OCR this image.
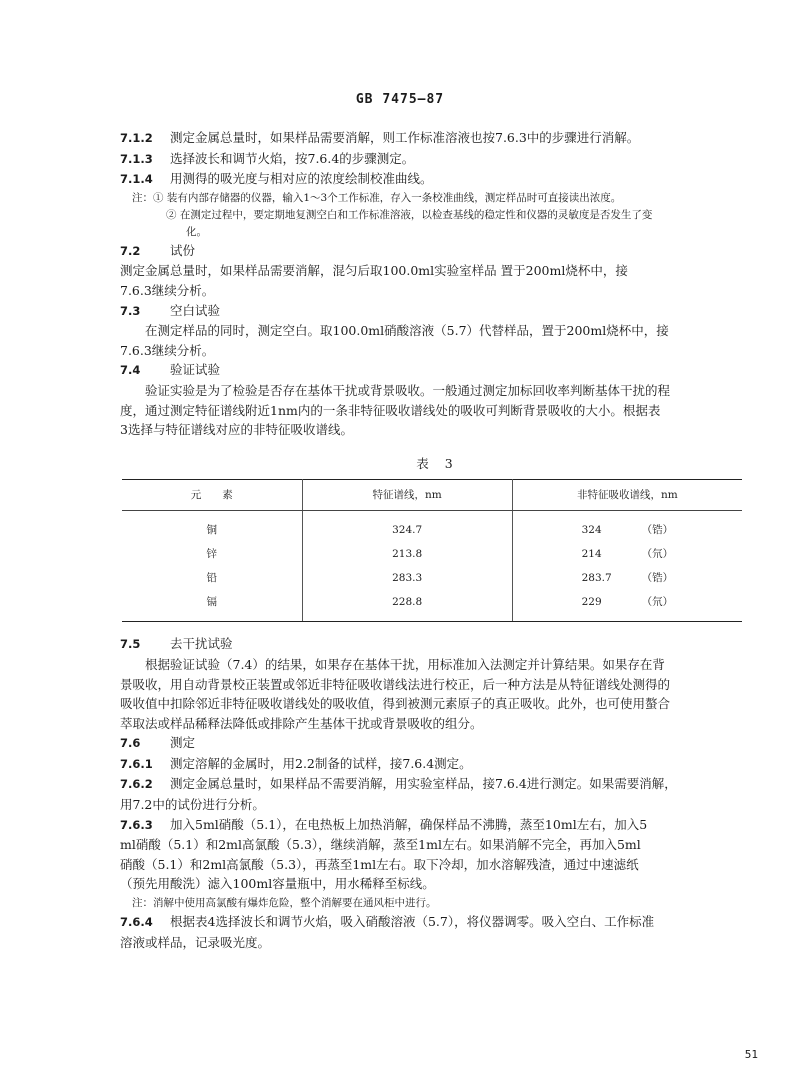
GB 7475—87

7.1.2 测定金属总量时，如果样品需要消解，则工作标准溶液也按7.6.3中的步骤进行消解。

7.1.3 选择波长和调节火焰，按7.6.4的步骤测定。

7.1.4 用测得的吸光度与相对应的浓度绘制校准曲线。

注：① 装有内部存储器的仪器，输入1～3个工作标准，存入一条校准曲线，测定样品时可直接读出浓度。

② 在测定过程中，要定期地复测空白和工作标准溶液，以检查基线的稳定性和仪器的灵敏度是否发生了变

化。

7.2 试份

测定金属总量时，如果样品需要消解，混匀后取100.0ml实验室样品 置于200ml烧杯中，接

7.6.3继续分析。

7.3 空白试验

在测定样品的同时，测定空白。取100.0ml硝酸溶液（5.7）代替样品，置于200ml烧杯中，接

7.6.3继续分析。

7.4 验证试验

验证实验是为了检验是否存在基体干扰或背景吸收。一般通过测定加标回收率判断基体干扰的程

度，通过测定特征谱线附近1nm内的一条非特征吸收谱线处的吸收可判断背景吸收的大小。根据表

3选择与特征谱线对应的非特征吸收谱线。

表 3
元　　素	特征谱线，nm	非特征吸收谱线，nm
铜	324.7	324 （锆）
锌	213.8	214 （氘）
铅	283.3	283.7 （锆）
镉	228.8	229 （氘）

7.5 去干扰试验

根据验证试验（7.4）的结果，如果存在基体干扰，用标准加入法测定并计算结果。如果存在背

景吸收，用自动背景校正装置或邻近非特征吸收谱线法进行校正，后一种方法是从特征谱线处测得的

吸收值中扣除邻近非特征吸收谱线处的吸收值，得到被测元素原子的真正吸收。此外，也可使用螯合

萃取法或样品稀释法降低或排除产生基体干扰或背景吸收的组分。

7.6 测定

7.6.1 测定溶解的金属时，用2.2制备的试样，接7.6.4测定。

7.6.2 测定金属总量时，如果样品不需要消解，用实验室样品，接7.6.4进行测定。如果需要消解，

用7.2中的试份进行分析。

7.6.3 加入5ml硝酸（5.1），在电热板上加热消解，确保样品不沸腾，蒸至10ml左右，加入5

ml硝酸（5.1）和2ml高氯酸（5.3），继续消解，蒸至1ml左右。如果消解不完全，再加入5ml

硝酸（5.1）和2ml高氯酸（5.3），再蒸至1ml左右。取下冷却，加水溶解残渣，通过中速滤纸

（预先用酸洗）滤入100ml容量瓶中，用水稀释至标线。

注：消解中使用高氯酸有爆炸危险，整个消解要在通风柜中进行。

7.6.4 根据表4选择波长和调节火焰，吸入硝酸溶液（5.7），将仪器调零。吸入空白、工作标准

溶液或样品，记录吸光度。

51
